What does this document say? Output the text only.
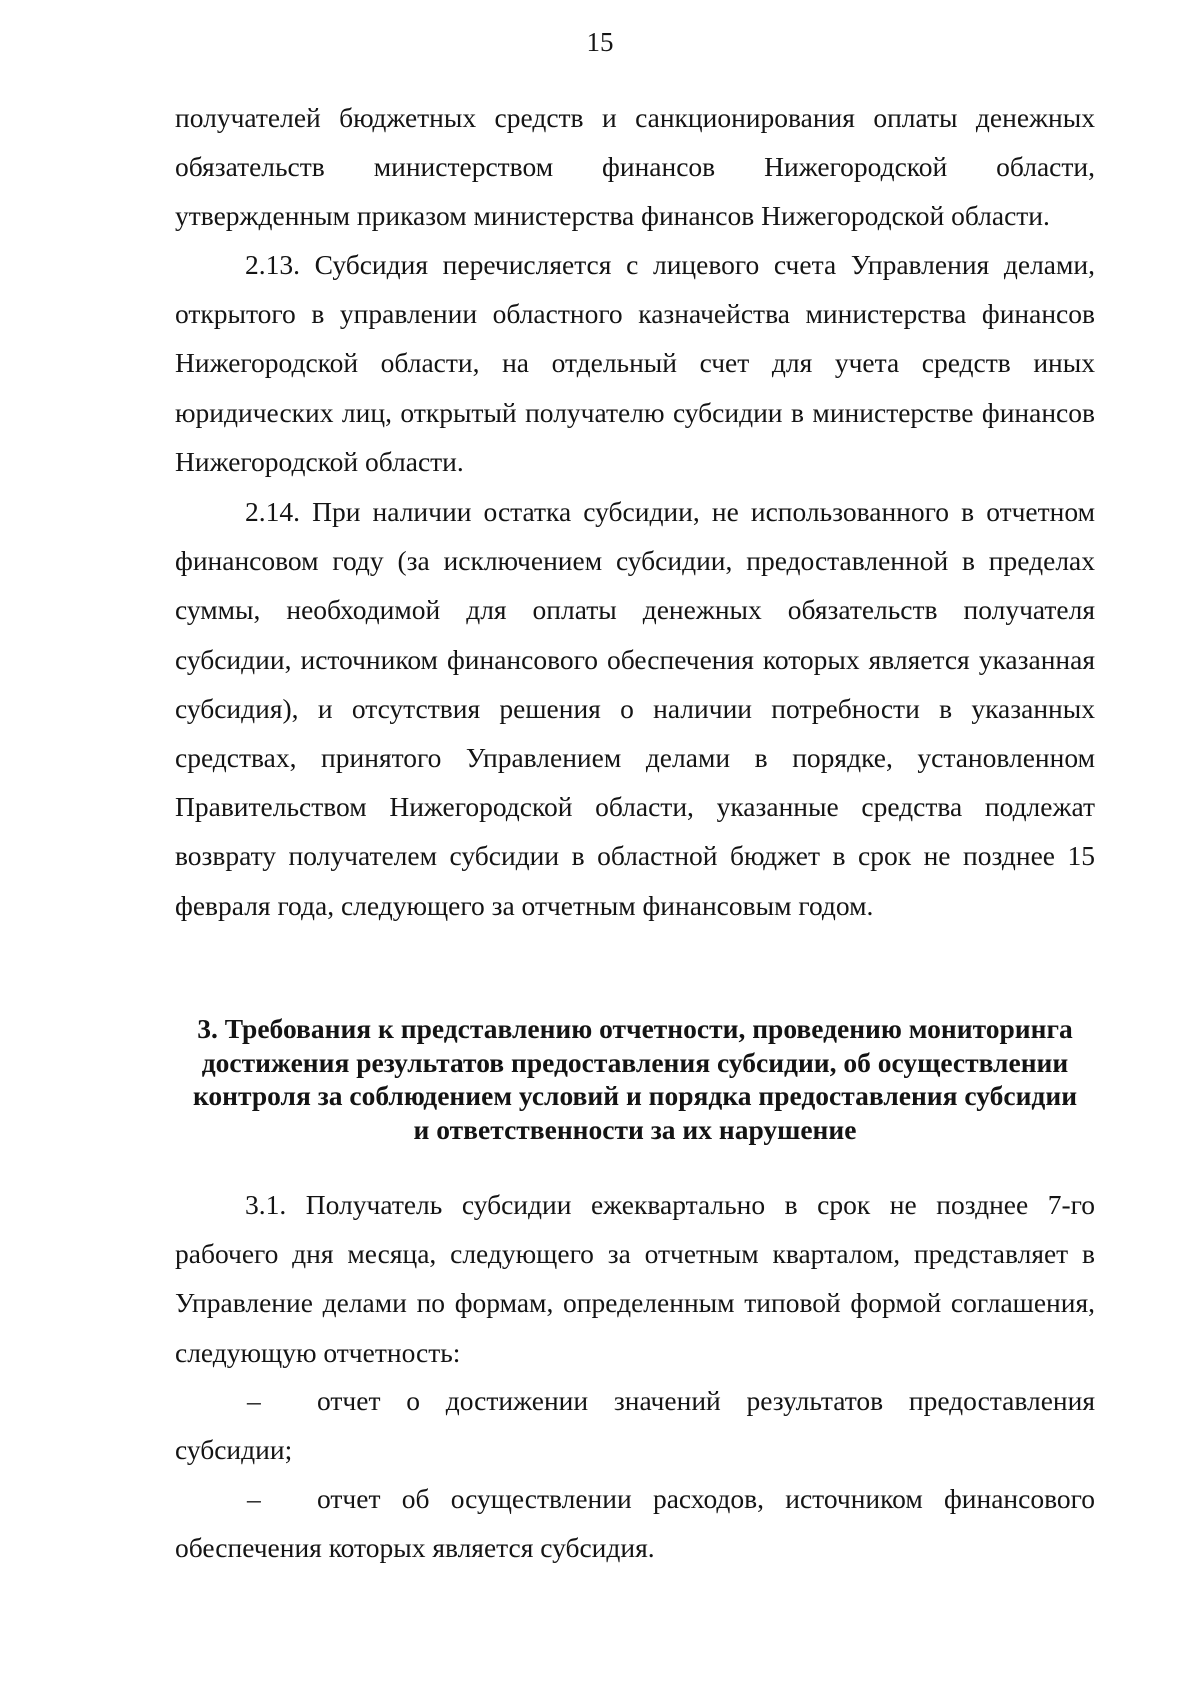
15

получателей бюджетных средств и санкционирования оплаты денежных обязательств министерством финансов Нижегородской области, утвержденным приказом министерства финансов Нижегородской области.

2.13. Субсидия перечисляется с лицевого счета Управления делами, открытого в управлении областного казначейства министерства финансов Нижегородской области, на отдельный счет для учета средств иных юридических лиц, открытый получателю субсидии в министерстве финансов Нижегородской области.

2.14. При наличии остатка субсидии, не использованного в отчетном финансовом году (за исключением субсидии, предоставленной в пределах суммы, необходимой для оплаты денежных обязательств получателя субсидии, источником финансового обеспечения которых является указанная субсидия), и отсутствия решения о наличии потребности в указанных средствах, принятого Управлением делами в порядке, установленном Правительством Нижегородской области, указанные средства подлежат возврату получателем субсидии в областной бюджет в срок не позднее 15 февраля года, следующего за отчетным финансовым годом.

3. Требования к представлению отчетности, проведению мониторинга
достижения результатов предоставления субсидии, об осуществлении
контроля за соблюдением условий и порядка предоставления субсидии
и ответственности за их нарушение

3.1. Получатель субсидии ежеквартально в срок не позднее 7-го рабочего дня месяца, следующего за отчетным кварталом, представляет в Управление делами по формам, определенным типовой формой соглашения, следующую отчетность:

– отчет о достижении значений результатов предоставления субсидии;

– отчет об осуществлении расходов, источником финансового обеспечения которых является субсидия.
